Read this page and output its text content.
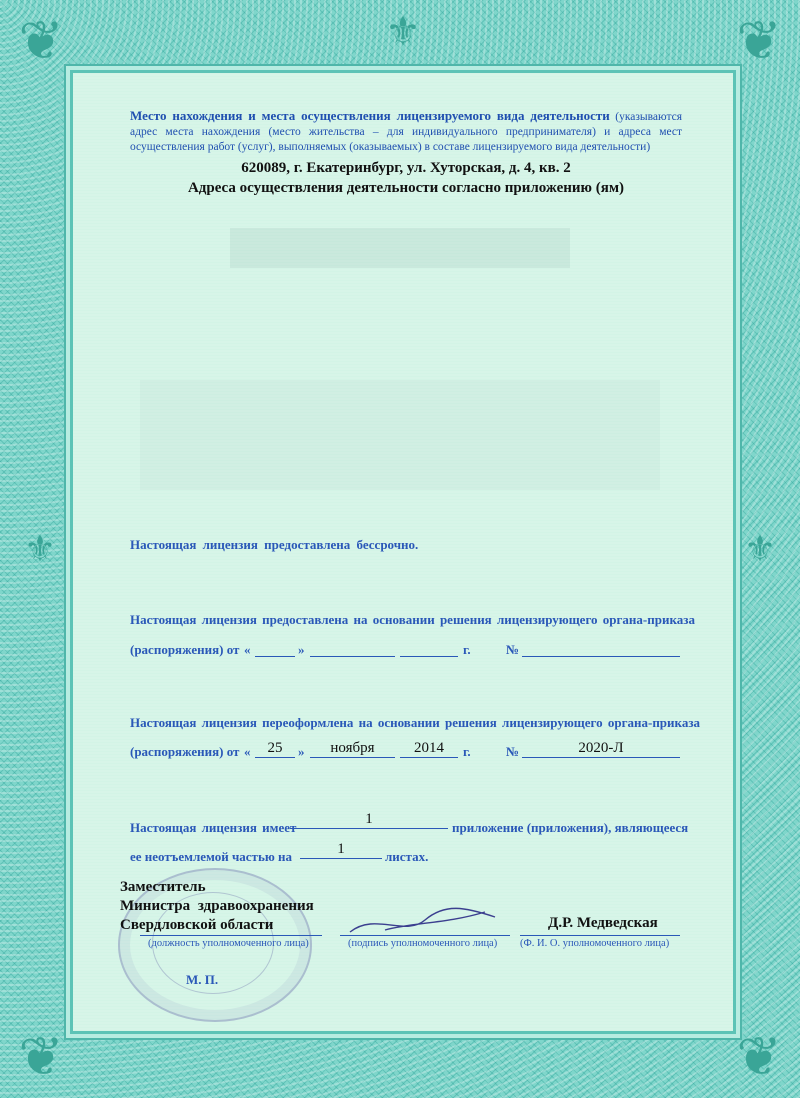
❦	❦
❦	❦
⚜
⚜	⚜
Место нахождения и места осуществления лицензируемого вида деятельности (указываются адрес места нахождения (место жительства – для индивидуального предпринимателя) и адреса мест осуществления работ (услуг), выполняемых (оказываемых) в составе лицензируемого вида деятельности)
620089, г. Екатеринбург, ул. Хуторская, д. 4, кв. 2
Адреса осуществления деятельности согласно приложению (ям)
Настоящая лицензия предоставлена бессрочно.
Настоящая лицензия предоставлена на основании решения лицензирующего органа-приказа
(распоряжения) от «	»	г.	№
Настоящая лицензия переоформлена на основании решения лицензирующего органа-приказа
(распоряжения) от «	25	»	ноября	2014	г.	№	2020-Л
Настоящая лицензия имеет
1
приложение (приложения), являющееся
ее неотъемлемой частью на	1	листах.
Заместитель
Министра здравоохранения
Свердловской области	Д.Р. Медведская
(должность уполномоченного лица)	(подпись уполномоченного лица) (Ф. И. О. уполномоченного лица)
М. П.
